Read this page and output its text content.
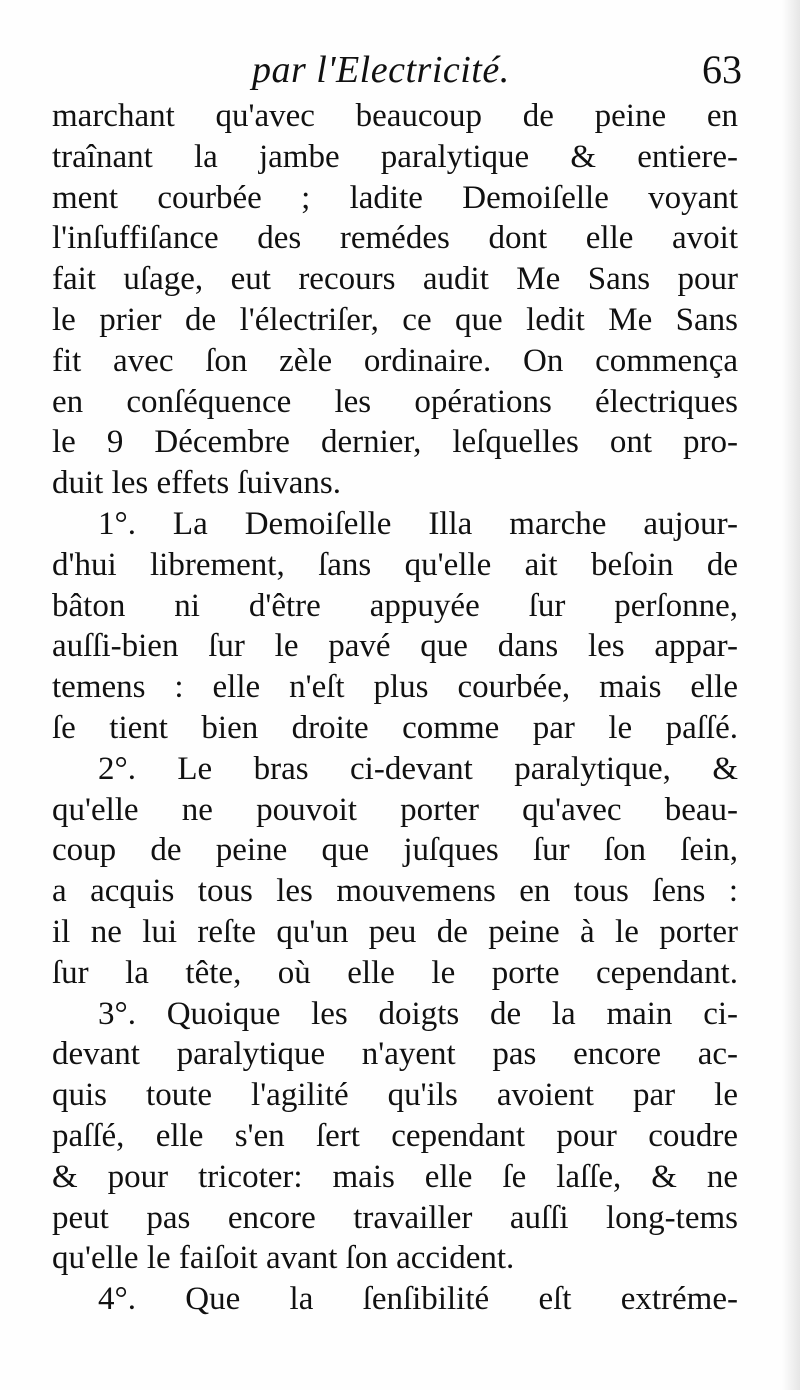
par l'Electricité.	63
marchant qu'avec beaucoup de peine en
traînant la jambe paralytique & entiere-
ment courbée ; ladite Demoiſelle voyant
l'inſuffiſance des remédes dont elle avoit
fait uſage, eut recours audit Me Sans pour
le prier de l'électriſer, ce que ledit Me Sans
fit avec ſon zèle ordinaire. On commença
en conſéquence les opérations électriques
le 9 Décembre dernier, leſquelles ont pro-
duit les effets ſuivans.
1°. La Demoiſelle Illa marche aujour-
d'hui librement, ſans qu'elle ait beſoin de
bâton ni d'être appuyée ſur perſonne,
auſſi-bien ſur le pavé que dans les appar-
temens : elle n'eſt plus courbée, mais elle
ſe tient bien droite comme par le paſſé.
2°. Le bras ci-devant paralytique, &
qu'elle ne pouvoit porter qu'avec beau-
coup de peine que juſques ſur ſon ſein,
a acquis tous les mouvemens en tous ſens :
il ne lui reſte qu'un peu de peine à le porter
ſur la tête, où elle le porte cependant.
3°. Quoique les doigts de la main ci-
devant paralytique n'ayent pas encore ac-
quis toute l'agilité qu'ils avoient par le
paſſé, elle s'en ſert cependant pour coudre
& pour tricoter: mais elle ſe laſſe, & ne
peut pas encore travailler auſſi long-tems
qu'elle le faiſoit avant ſon accident.
4°. Que la ſenſibilité eſt extréme-
